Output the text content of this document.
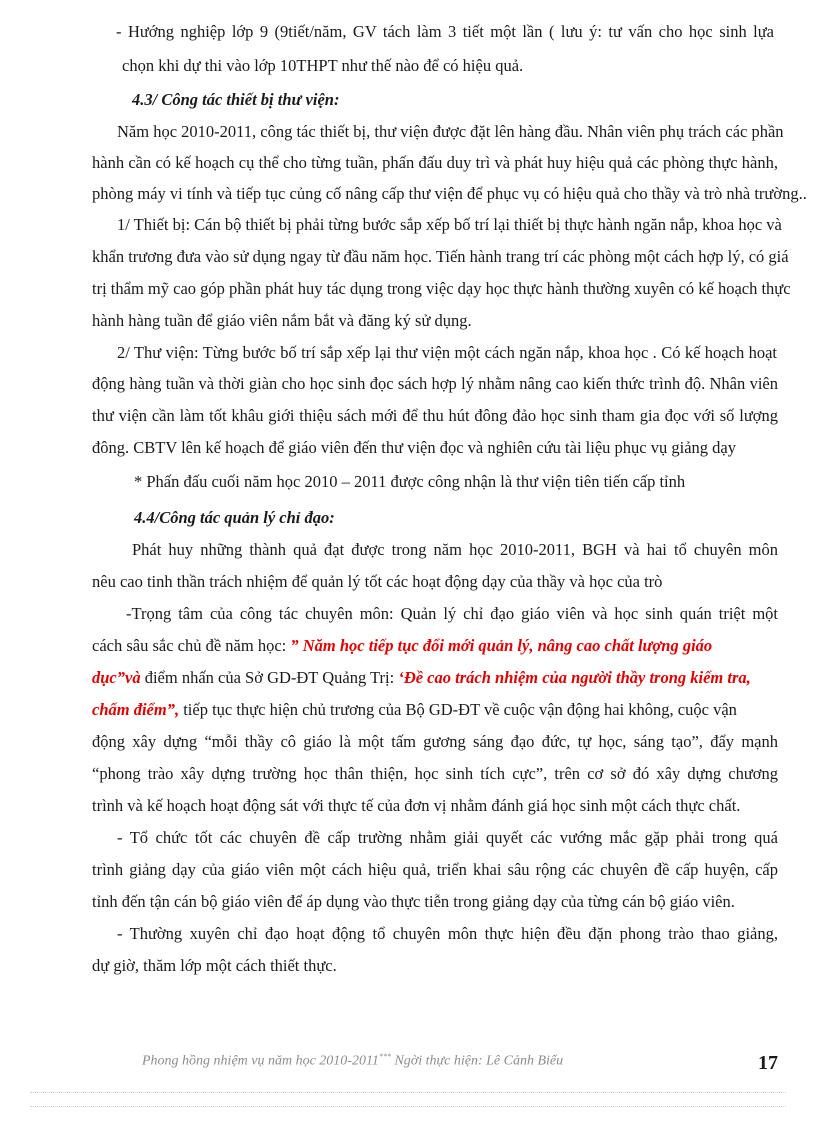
- Hướng nghiệp lớp 9 (9tiết/năm, GV tách làm 3 tiết một lần ( lưu ý: tư vấn cho học sinh lựa
chọn khi dự thi vào lớp 10THPT như thế nào để có hiệu quả.
4.3/ Công tác thiết bị thư viện:
Năm học 2010-2011, công tác thiết bị, thư viện được đặt lên hàng đầu. Nhân viên phụ trách các phần
hành cần có kế hoạch cụ thể cho từng tuần, phấn đấu duy trì và phát huy hiệu quả các phòng thực hành,
phòng máy vi tính và tiếp tục củng cố nâng cấp thư viện để phục vụ có hiệu quả cho thầy và trò nhà trường..
1/ Thiết bị: Cán bộ thiết bị phải từng bước sắp xếp bố trí lại thiết bị thực hành ngăn nắp, khoa học và
khẩn trương đưa vào sử dụng ngay từ đầu năm học. Tiến hành trang trí các phòng một cách hợp lý, có giá
trị thẩm mỹ cao góp phần phát huy tác dụng trong việc dạy học thực hành thường xuyên có kế hoạch thực
hành hàng tuần để giáo viên nắm bắt và đăng ký sử dụng.
2/ Thư viện: Từng bước bố trí sắp xếp lại thư viện một cách ngăn nắp, khoa học . Có kế hoạch hoạt
động hàng tuần và thời giàn cho học sinh đọc sách hợp lý nhằm nâng cao kiến thức trình độ. Nhân viên
thư viện cần làm tốt khâu giới thiệu sách mới để thu hút đông đảo học sinh tham gia đọc với số lượng
đông. CBTV lên kế hoạch để giáo viên đến thư viện đọc và nghiên cứu tài liệu phục vụ giảng dạy
* Phấn đấu cuối năm học 2010 – 2011 được công nhận là thư viện tiên tiến cấp tỉnh
4.4/Công tác quản lý chỉ đạo:
Phát huy những thành quả đạt được trong năm học 2010-2011, BGH và hai tổ chuyên môn
nêu cao tinh thần trách nhiệm để quản lý tốt các hoạt động dạy của thầy và học của trò
-Trọng tâm của công tác chuyên môn: Quản lý chỉ đạo giáo viên và học sinh quán triệt một
cách sâu sắc chủ đề năm học: ” Năm học tiếp tục đổi mới quản lý, nâng cao chất lượng giáo
dục”và điểm nhấn của Sở GD-ĐT Quảng Trị: ‘Đề cao trách nhiệm của người thầy trong kiểm tra,
chấm điểm”, tiếp tục thực hiện chủ trương của Bộ GD-ĐT về cuộc vận động hai không, cuộc vận
động xây dựng “mỗi thầy cô giáo là một tấm gương sáng đạo đức, tự học, sáng tạo”, đẩy mạnh
“phong trào xây dựng trường học thân thiện, học sinh tích cực”, trên cơ sở đó xây dựng chương
trình và kế hoạch hoạt động sát với thực tế của đơn vị nhằm đánh giá học sinh một cách thực chất.
- Tổ chức tốt các chuyên đề cấp trường nhằm giải quyết các vướng mắc gặp phải trong quá
trình giảng dạy của giáo viên một cách hiệu quả, triển khai sâu rộng các chuyên đề cấp huyện, cấp
tỉnh đến tận cán bộ giáo viên để áp dụng vào thực tiễn trong giảng dạy của từng cán bộ giáo viên.
- Thường xuyên chỉ đạo hoạt động tổ chuyên môn thực hiện đều đặn phong trào thao giảng,
dự giờ, thăm lớp một cách thiết thực.
Phong hồng nhiệm vụ năm học 2010-2011*** Ngời thực hiện: Lê Cảnh Biểu	17
